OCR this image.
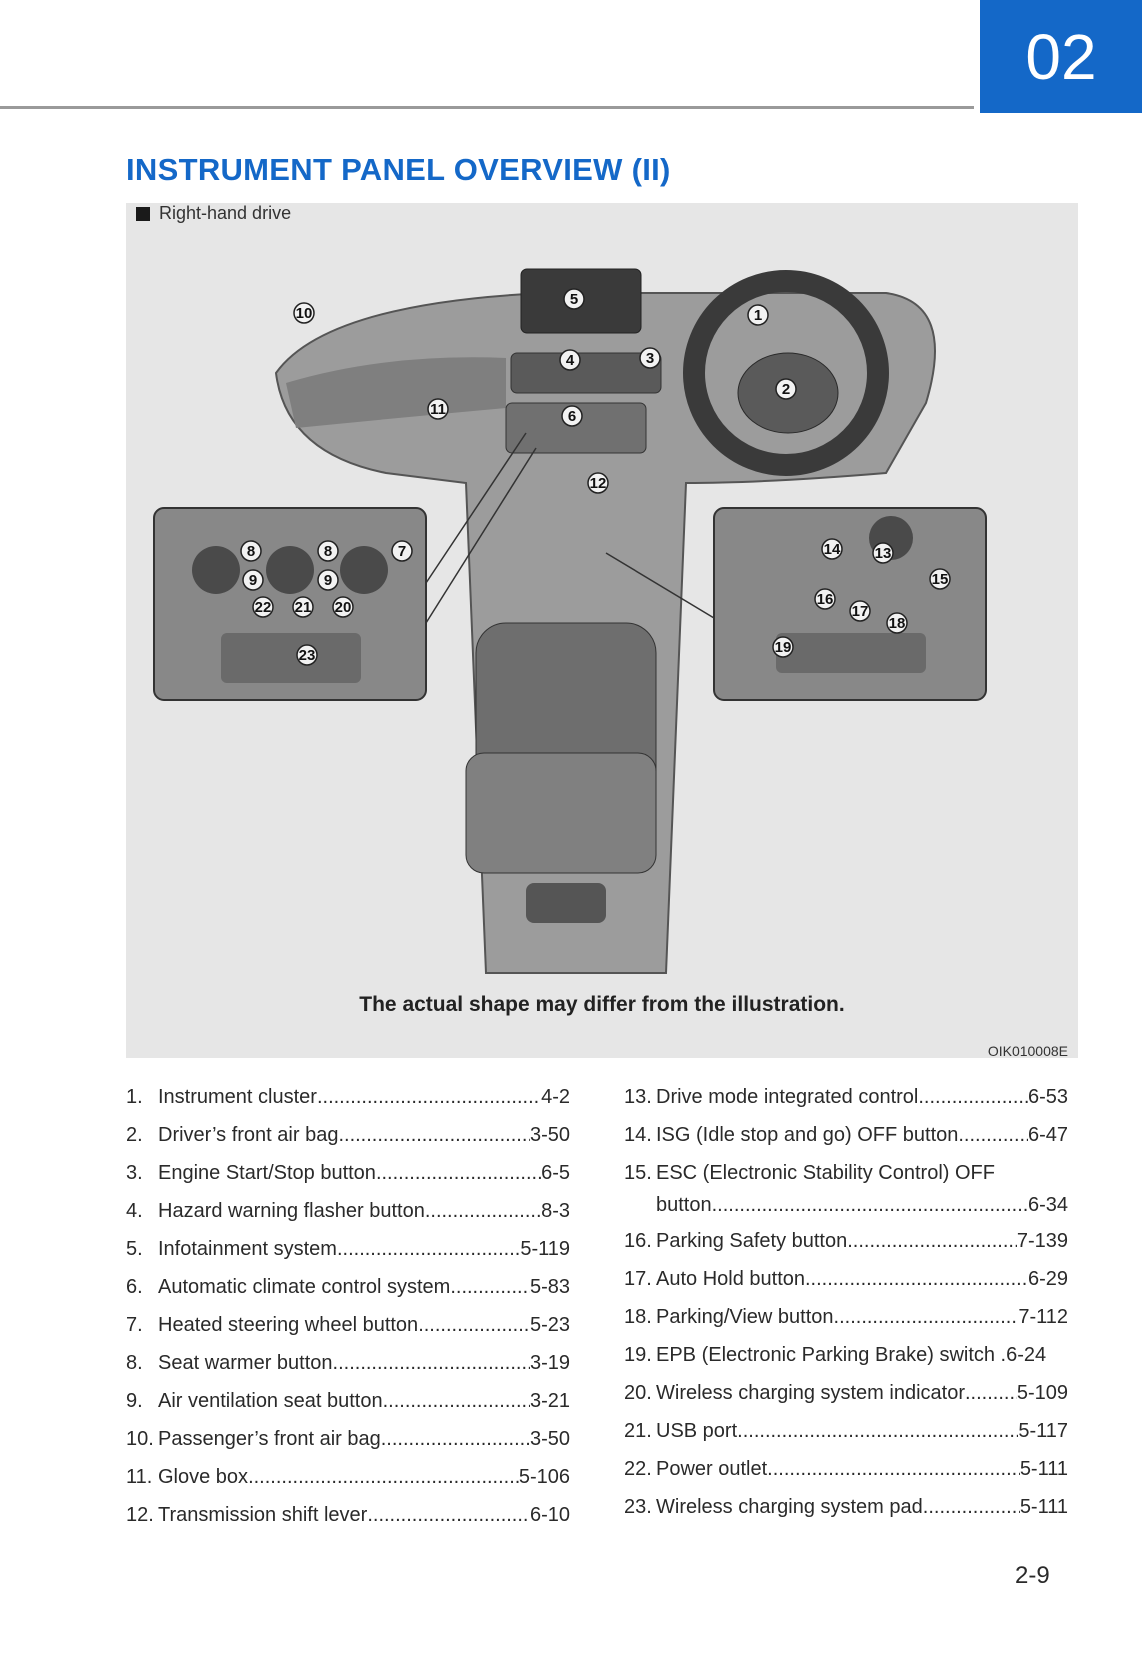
02
INSTRUMENT PANEL OVERVIEW (II)
Right-hand drive
1
2
3
4
5
6
7
8	8
9	9
10
11
12
13
14
15
16
17
18
19
20
21
22
23
The actual shape may differ from the illustration.
OIK010008E
1. Instrument cluster .....	4-2
2. Driver’s front air bag .....	3-50
3. Engine Start/Stop button .....	6-5
4. Hazard warning flasher button .....	8-3
5. Infotainment system .....	5-119
6. Automatic climate control system .....	5-83
7. Heated steering wheel button .....	5-23
8. Seat warmer button .....	3-19
9. Air ventilation seat button .....	3-21
10. Passenger’s front air bag .....	3-50
11. Glove box .....	5-106
12. Transmission shift lever .....	6-10
13. Drive mode integrated control .....	6-53
14. ISG (Idle stop and go) OFF button .....	6-47
15. ESC (Electronic Stability Control) OFF
button .....	6-34
16. Parking Safety button .....	7-139
17. Auto Hold button .....	6-29
18. Parking/View button .....	7-112
19. EPB (Electronic Parking Brake) switch . 6-24
20. Wireless charging system indicator .....	5-109
21. USB port .....	5-117
22. Power outlet .....	5-111
23. Wireless charging system pad .....	5-111
2-9
